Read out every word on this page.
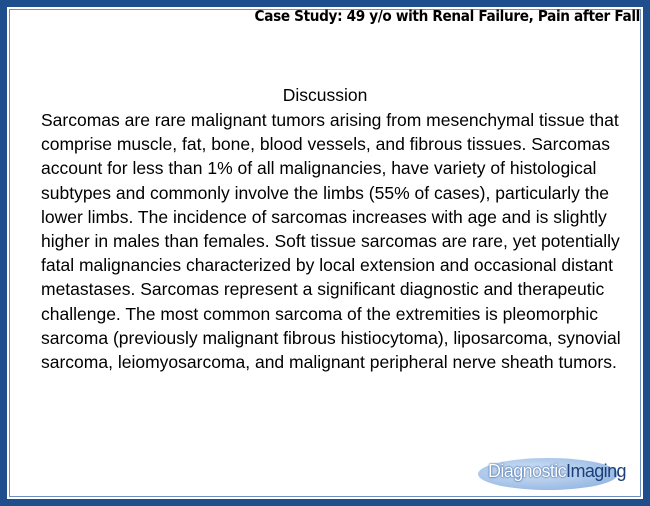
Case Study: 49 y/o with Renal Failure, Pain after Fall
Discussion

Sarcomas are rare malignant tumors arising from mesenchymal tissue that comprise muscle, fat, bone, blood vessels, and fibrous tissues. Sarcomas account for less than 1% of all malignancies, have variety of histological subtypes and commonly involve the limbs (55% of cases), particularly the lower limbs. The incidence of sarcomas increases with age and is slightly higher in males than females. Soft tissue sarcomas are rare, yet potentially fatal malignancies characterized by local extension and occasional distant metastases. Sarcomas represent a significant diagnostic and therapeutic challenge. The most common sarcoma of the extremities is pleomorphic sarcoma (previously malignant fibrous histiocytoma), liposarcoma, synovial sarcoma, leiomyosarcoma, and malignant peripheral nerve sheath tumors.

DiagnosticImaging
